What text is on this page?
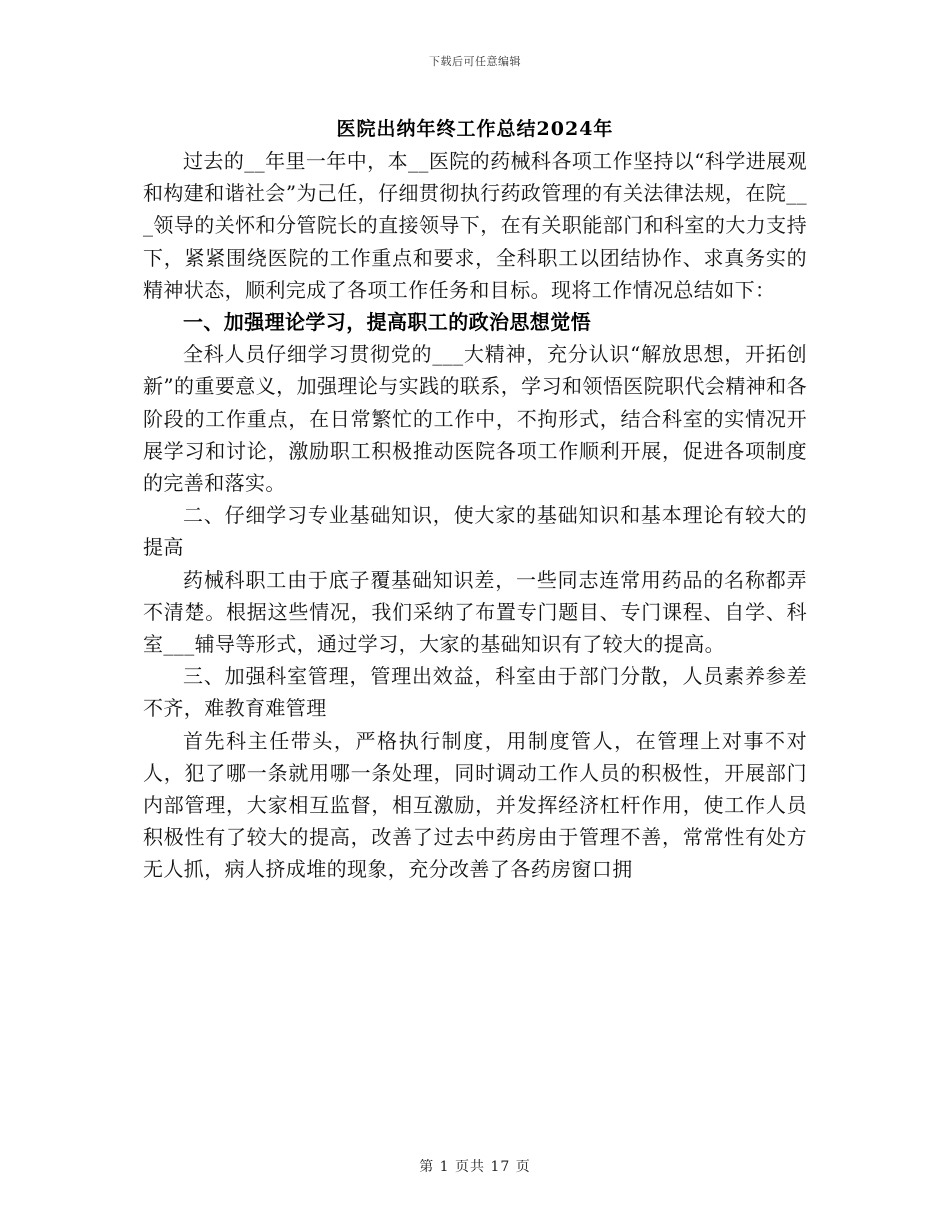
下载后可任意编辑
医院出纳年终工作总结2024年

过去的__年里一年中，本__医院的药械科各项工作坚持以“科学进展观和构建和谐社会”为己任，仔细贯彻执行药政管理的有关法律法规，在院___领导的关怀和分管院长的直接领导下，在有关职能部门和科室的大力支持下，紧紧围绕医院的工作重点和要求，全科职工以团结协作、求真务实的精神状态，顺利完成了各项工作任务和目标。现将工作情况总结如下：

一、加强理论学习，提高职工的政治思想觉悟

全科人员仔细学习贯彻党的___大精神，充分认识“解放思想，开拓创新”的重要意义，加强理论与实践的联系，学习和领悟医院职代会精神和各阶段的工作重点，在日常繁忙的工作中，不拘形式，结合科室的实情况开展学习和讨论，激励职工积极推动医院各项工作顺利开展，促进各项制度的完善和落实。

二、仔细学习专业基础知识，使大家的基础知识和基本理论有较大的提高

药械科职工由于底子覆基础知识差，一些同志连常用药品的名称都弄不清楚。根据这些情况，我们采纳了布置专门题目、专门课程、自学、科室___辅导等形式，通过学习，大家的基础知识有了较大的提高。

三、加强科室管理，管理出效益，科室由于部门分散，人员素养参差不齐，难教育难管理

首先科主任带头，严格执行制度，用制度管人，在管理上对事不对人，犯了哪一条就用哪一条处理，同时调动工作人员的积极性，开展部门内部管理，大家相互监督，相互激励，并发挥经济杠杆作用，使工作人员积极性有了较大的提高，改善了过去中药房由于管理不善，常常性有处方无人抓，病人挤成堆的现象，充分改善了各药房窗口拥

第 1 页共 17 页
